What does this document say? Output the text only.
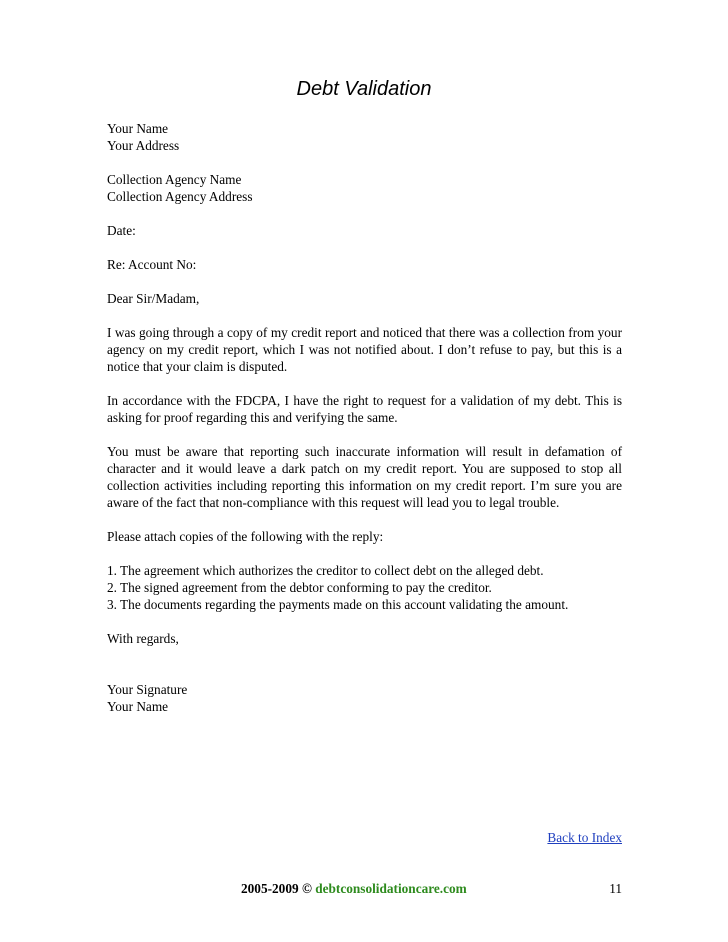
Debt Validation
Your Name
Your Address
Collection Agency Name
Collection Agency Address
Date:
Re: Account No:
Dear Sir/Madam,

I was going through a copy of my credit report and noticed that there was a collection from your agency on my credit report, which I was not notified about. I don’t refuse to pay, but this is a notice that your claim is disputed.

In accordance with the FDCPA, I have the right to request for a validation of my debt. This is asking for proof regarding this and verifying the same.

You must be aware that reporting such inaccurate information will result in defamation of character and it would leave a dark patch on my credit report. You are supposed to stop all collection activities including reporting this information on my credit report. I’m sure you are aware of the fact that non-compliance with this request will lead you to legal trouble.

Please attach copies of the following with the reply:
1. The agreement which authorizes the creditor to collect debt on the alleged debt.
2. The signed agreement from the debtor conforming to pay the creditor.
3. The documents regarding the payments made on this account validating the amount.
With regards,
Your Signature
Your Name
Back to Index
2005-2009 © debtconsolidationcare.com	11
